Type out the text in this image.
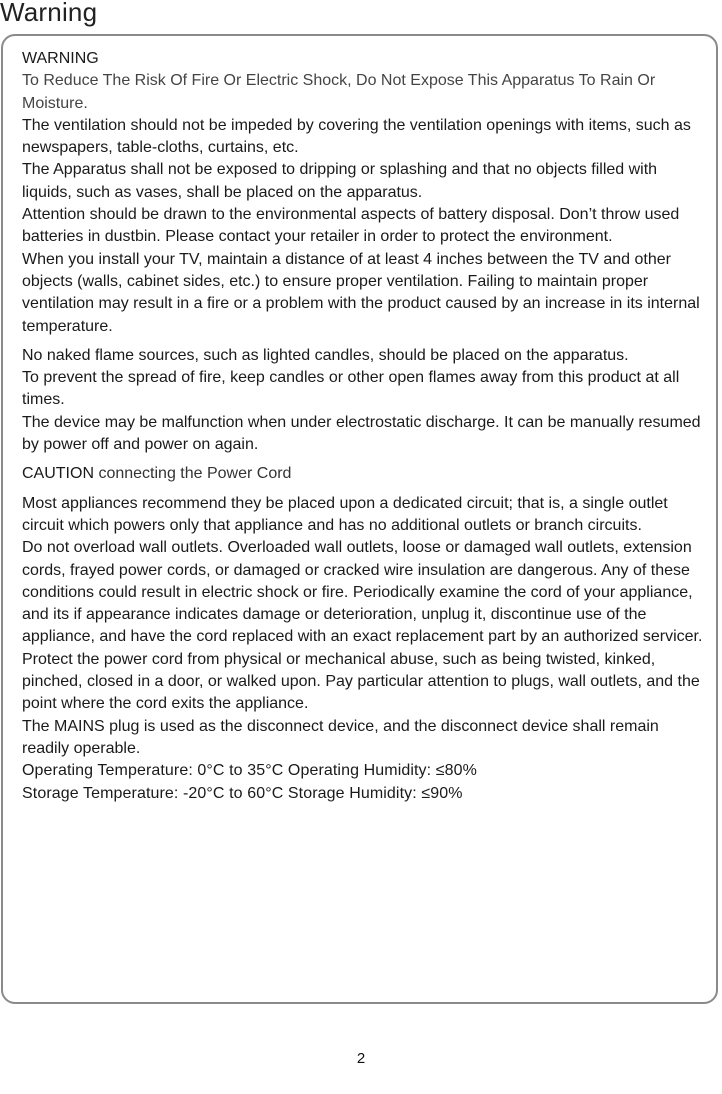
Warning

WARNING

To Reduce The Risk Of Fire Or Electric Shock, Do Not Expose This Apparatus To Rain Or Moisture.

The ventilation should not be impeded by covering the ventilation openings with items, such as newspapers, table-cloths, curtains, etc.

The Apparatus shall not be exposed to dripping or splashing and that no objects filled with liquids, such as vases, shall be placed on the apparatus.

Attention should be drawn to the environmental aspects of battery disposal. Don’t throw used batteries in dustbin. Please contact your retailer in order to protect the environment.

When you install your TV, maintain a distance of at least 4 inches between the TV and other objects (walls, cabinet sides, etc.) to ensure proper ventilation. Failing to maintain proper ventilation may result in a fire or a problem with the product caused by an increase in its internal temperature.

No naked flame sources, such as lighted candles, should be placed on the apparatus.

To prevent the spread of fire, keep candles or other open flames away from this product at all times.

The device may be malfunction when under electrostatic discharge. It can be manually resumed by power off and power on again.

CAUTION connecting the Power Cord

Most appliances recommend they be placed upon a dedicated circuit; that is, a single outlet circuit which powers only that appliance and has no additional outlets or branch circuits.

Do not overload wall outlets. Overloaded wall outlets, loose or damaged wall outlets, extension cords, frayed power cords, or damaged or cracked wire insulation are dangerous. Any of these conditions could result in electric shock or fire. Periodically examine the cord of your appliance, and its if appearance indicates damage or deterioration, unplug it, discontinue use of the appliance, and have the cord replaced with an exact replacement part by an authorized servicer. Protect the power cord from physical or mechanical abuse, such as being twisted, kinked, pinched, closed in a door, or walked upon. Pay particular attention to plugs, wall outlets, and the point where the cord exits the appliance.

The MAINS plug is used as the disconnect device, and the disconnect device shall remain readily operable.

Operating Temperature: 0°C to 35°C Operating Humidity: ≤80%

Storage Temperature: -20°C to 60°C Storage Humidity: ≤90%

2
